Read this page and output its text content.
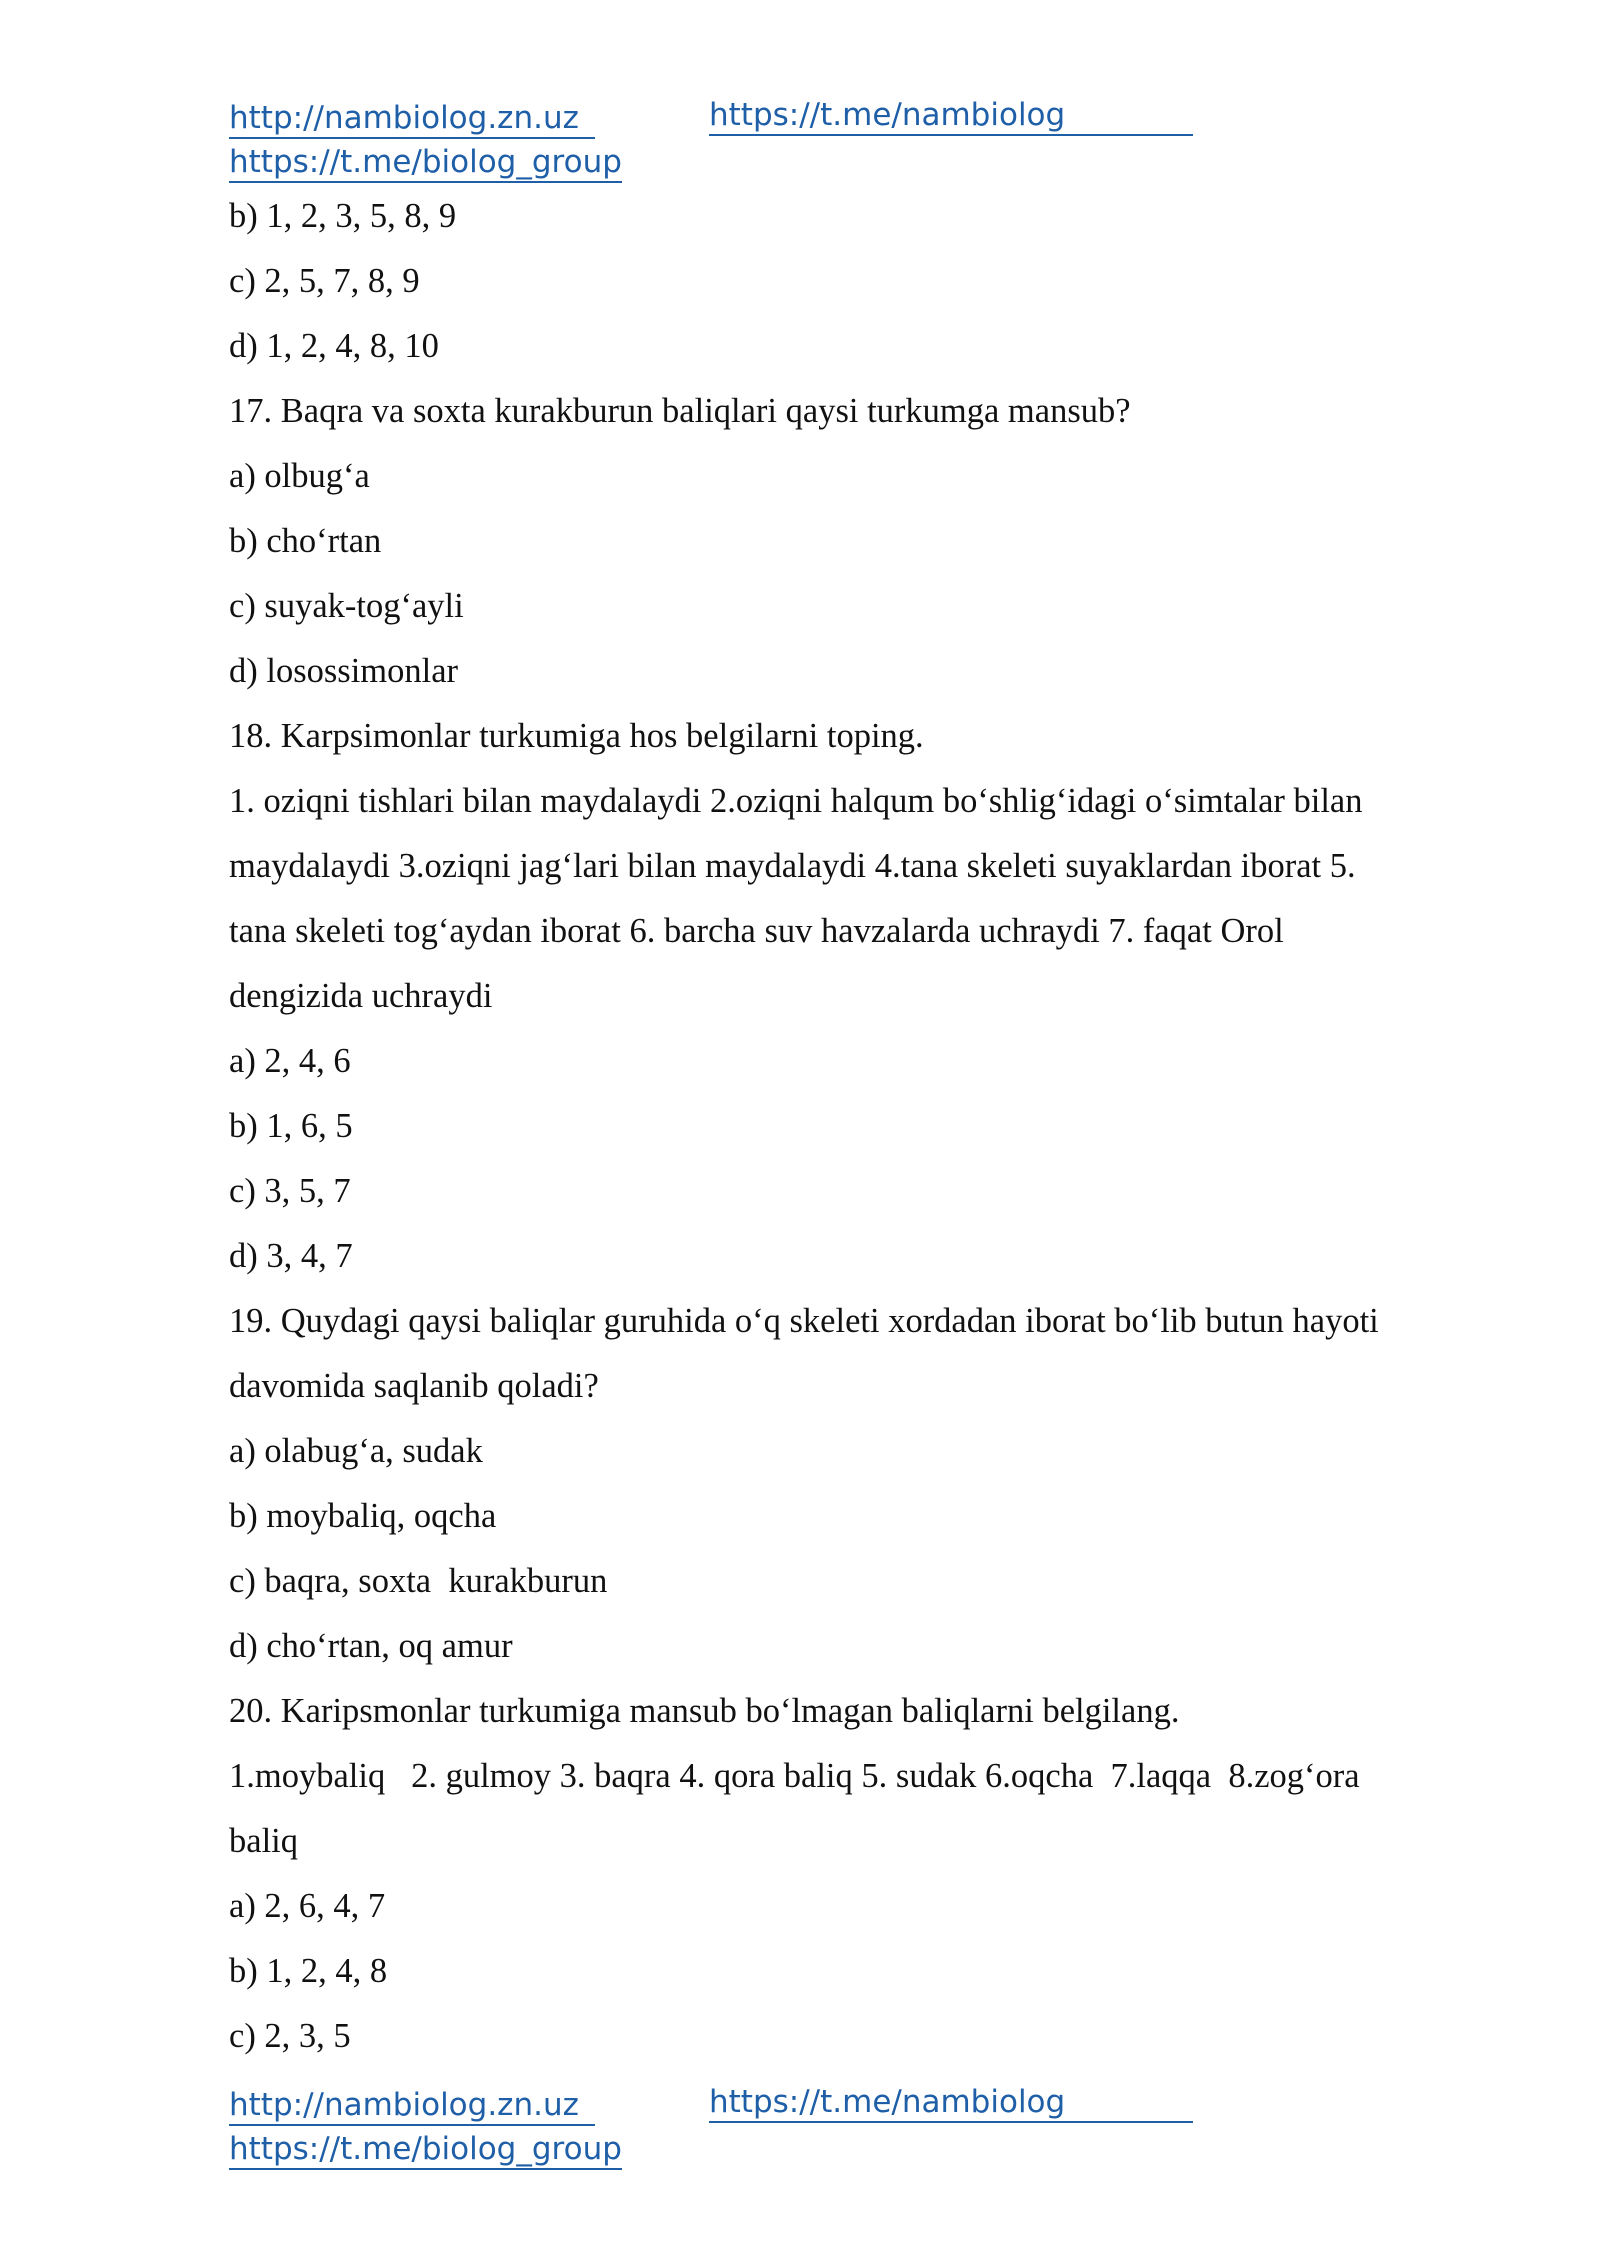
http://nambiolog.zn.uz	https://t.me/nambiolog
https://t.me/biolog_group

b) 1, 2, 3, 5, 8, 9

c) 2, 5, 7, 8, 9

d) 1, 2, 4, 8, 10

17. Baqra va soxta kurakburun baliqlari qaysi turkumga mansub?

a) olbug‘a

b) cho‘rtan

c) suyak-tog‘ayli

d) losossimonlar

18. Karpsimonlar turkumiga hos belgilarni toping.

1. oziqni tishlari bilan maydalaydi 2.oziqni halqum bo‘shlig‘idagi o‘simtalar bilan

maydalaydi 3.oziqni jag‘lari bilan maydalaydi 4.tana skeleti suyaklardan iborat 5.

tana skeleti tog‘aydan iborat 6. barcha suv havzalarda uchraydi 7. faqat Orol

dengizida uchraydi

a) 2, 4, 6

b) 1, 6, 5

c) 3, 5, 7

d) 3, 4, 7

19. Quydagi qaysi baliqlar guruhida o‘q skeleti xordadan iborat bo‘lib butun hayoti

davomida saqlanib qoladi?

a) olabug‘a, sudak

b) moybaliq, oqcha

c) baqra, soxta  kurakburun

d) cho‘rtan, oq amur

20. Karipsmonlar turkumiga mansub bo‘lmagan baliqlarni belgilang.

1.moybaliq   2. gulmoy 3. baqra 4. qora baliq 5. sudak 6.oqcha  7.laqqa  8.zog‘ora

baliq

a) 2, 6, 4, 7

b) 1, 2, 4, 8

c) 2, 3, 5

http://nambiolog.zn.uz	https://t.me/nambiolog
https://t.me/biolog_group
